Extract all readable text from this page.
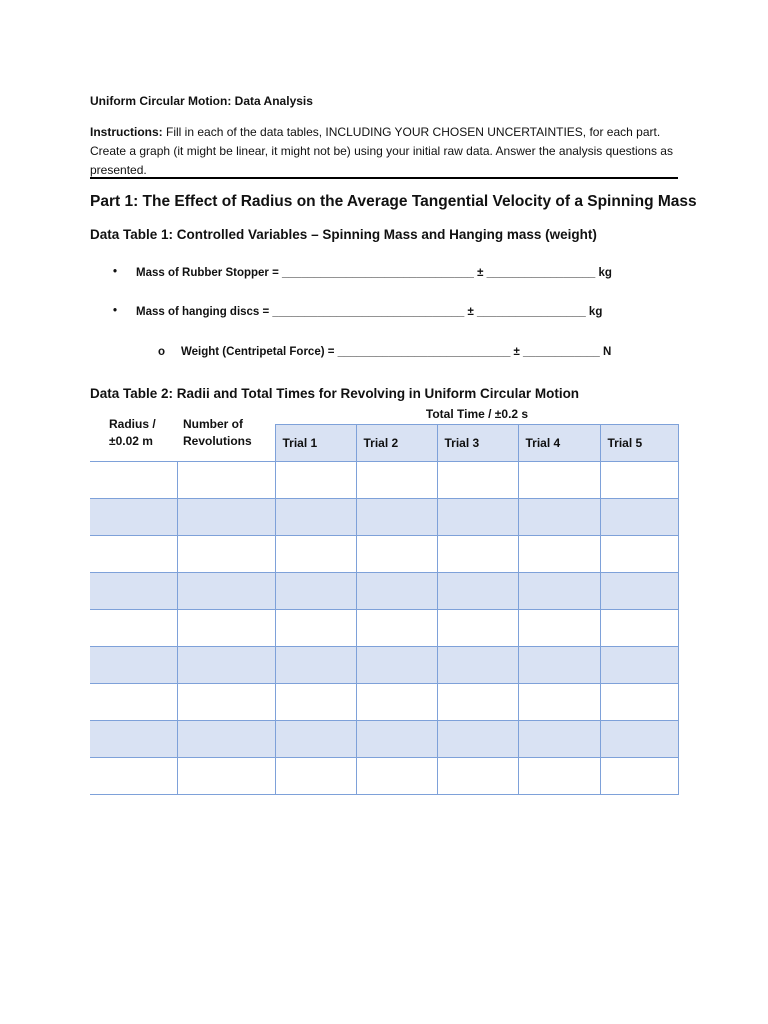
Uniform Circular Motion: Data Analysis
Instructions: Fill in each of the data tables, INCLUDING YOUR CHOSEN UNCERTAINTIES, for each part. Create a graph (it might be linear, it might not be) using your initial raw data. Answer the analysis questions as presented.
Part 1: The Effect of Radius on the Average Tangential Velocity of a Spinning Mass
Data Table 1: Controlled Variables – Spinning Mass and Hanging mass (weight)
• Mass of Rubber Stopper = ______________________________ ± _________________ kg
• Mass of hanging discs = ______________________________ ± _________________ kg
o Weight (Centripetal Force) = ___________________________ ± ____________ N
Data Table 2: Radii and Total Times for Revolving in Uniform Circular Motion
Radius /
±0.02 m
Number of
Revolutions
Total Time / ±0.2 s
		Trial 1	Trial 2	Trial 3	Trial 4	Trial 5
